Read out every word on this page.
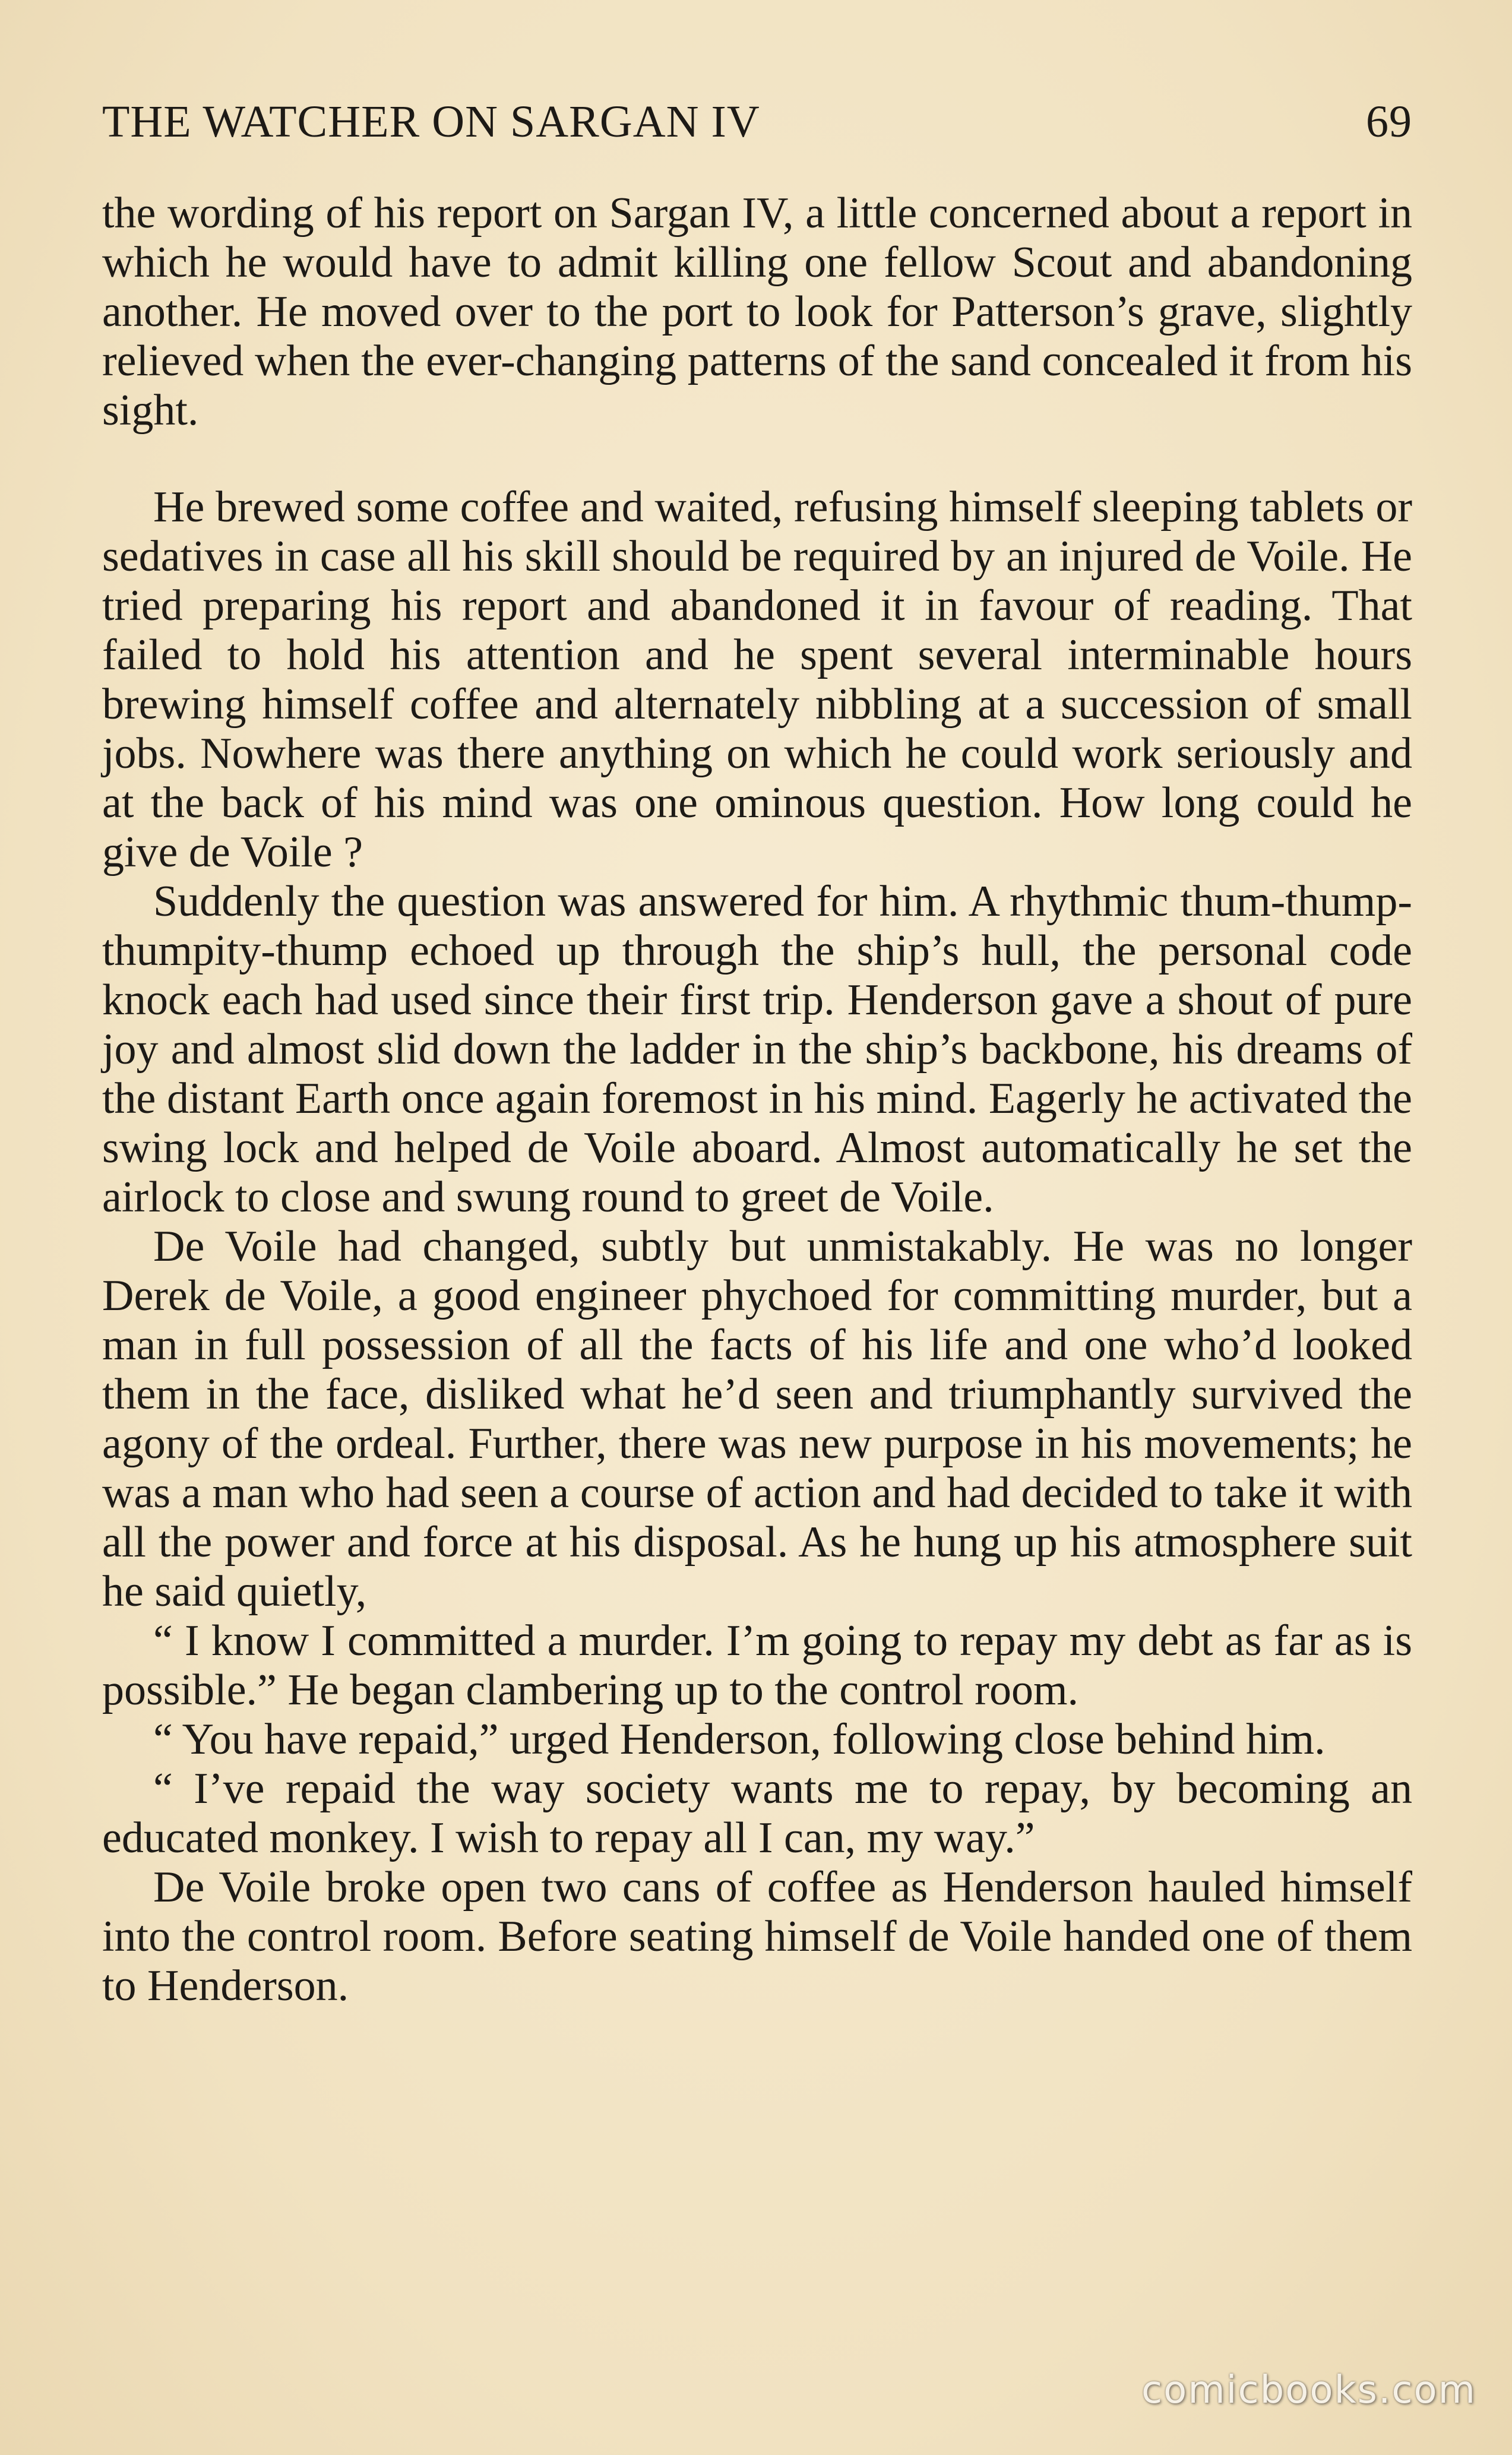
THE WATCHER ON SARGAN IV	69

the wording of his report on Sargan IV, a little concerned about a report in which he would have to admit killing one fellow Scout and abandoning another. He moved over to the port to look for Patterson’s grave, slightly relieved when the ever-changing patterns of the sand concealed it from his sight.

He brewed some coffee and waited, refusing himself sleeping tablets or sedatives in case all his skill should be required by an injured de Voile. He tried preparing his report and abandoned it in favour of reading. That failed to hold his attention and he spent several interminable hours brewing himself coffee and alternately nibbling at a succession of small jobs. Nowhere was there anything on which he could work seriously and at the back of his mind was one ominous question. How long could he give de Voile ?

Suddenly the question was answered for him. A rhythmic thum-thump-thumpity-thump echoed up through the ship’s hull, the personal code knock each had used since their first trip. Henderson gave a shout of pure joy and almost slid down the ladder in the ship’s backbone, his dreams of the distant Earth once again foremost in his mind. Eagerly he activated the swing lock and helped de Voile aboard. Almost automatically he set the airlock to close and swung round to greet de Voile.

De Voile had changed, subtly but unmistakably. He was no longer Derek de Voile, a good engineer phychoed for committing murder, but a man in full possession of all the facts of his life and one who’d looked them in the face, disliked what he’d seen and triumphantly survived the agony of the ordeal. Further, there was new purpose in his movements; he was a man who had seen a course of action and had decided to take it with all the power and force at his disposal. As he hung up his atmosphere suit he said quietly,

“ I know I committed a murder. I’m going to repay my debt as far as is possible.” He began clambering up to the control room.

“ You have repaid,” urged Henderson, following close behind him.

“ I’ve repaid the way society wants me to repay, by becoming an educated monkey. I wish to repay all I can, my way.”

De Voile broke open two cans of coffee as Henderson hauled himself into the control room. Before seating himself de Voile handed one of them to Henderson.

comicbooks.com
